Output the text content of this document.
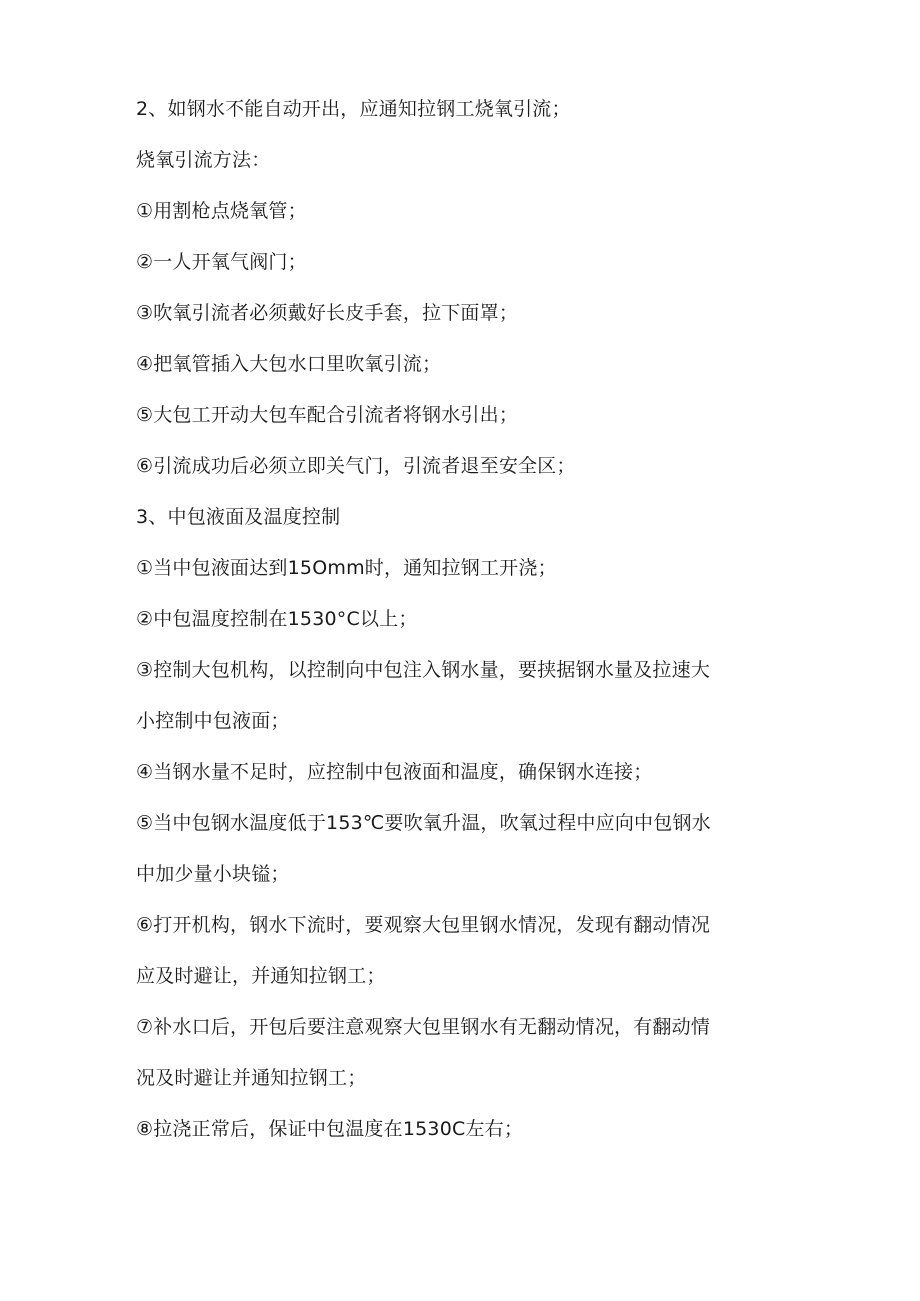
2、如钢水不能自动开出，应通知拉钢工烧氧引流；
烧氧引流方法：
①用割枪点烧氧管；
②一人开氧气阀门；
③吹氧引流者必须戴好长皮手套，拉下面罩；
④把氧管插入大包水口里吹氧引流；
⑤大包工开动大包车配合引流者将钢水引出；
⑥引流成功后必须立即关气门，引流者退至安全区；
3、中包液面及温度控制
①当中包液面达到15Omm时，通知拉钢工开浇；
②中包温度控制在1530°C以上；
③控制大包机构，以控制向中包注入钢水量，要挟据钢水量及拉速大
小控制中包液面；
④当钢水量不足时，应控制中包液面和温度，确保钢水连接；
⑤当中包钢水温度低于153℃要吹氧升温，吹氧过程中应向中包钢水
中加少量小块镒；
⑥打开机构，钢水下流时，要观察大包里钢水情况，发现有翻动情况
应及时避让，并通知拉钢工；
⑦补水口后，开包后要注意观察大包里钢水有无翻动情况，有翻动情
况及时避让并通知拉钢工；
⑧拉浇正常后，保证中包温度在1530C左右；
